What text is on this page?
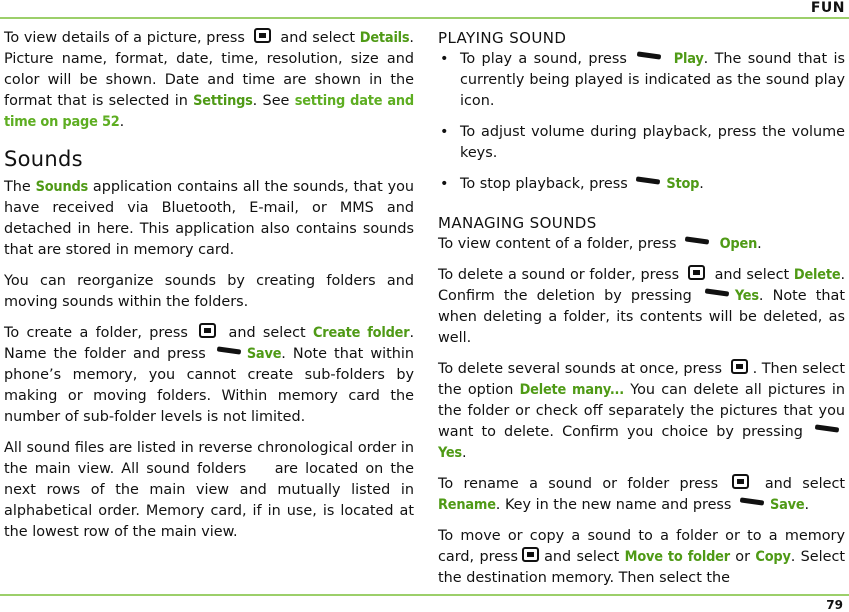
FUN

To view details of a picture, press and select Details. Picture name, format, date, time, resolution, size and color will be shown. Date and time are shown in the format that is selected in Settings. See setting date and time on page 52.

Sounds

The Sounds application contains all the sounds, that you have received via Bluetooth, E-mail, or MMS and detached in here. This application also contains sounds that are stored in memory card.

You can reorganize sounds by creating folders and moving sounds within the folders.

To create a folder, press	and select Create folder. Name the folder and press	Save. Note that within phone’s memory, you cannot create sub-folders by making or moving folders. Within memory card the number of sub-folder levels is not limited.

All sound files are listed in reverse chronological order in the main view. All sound folders    are located on the next rows of the main view and mutually listed in alphabetical order. Memory card, if in use, is located at the lowest row of the main view.

PLAYING SOUND
• To play a sound, press	Play. The sound that is currently being played is indicated as the sound play icon.
• To adjust volume during playback, press the volume keys.
• To stop playback, press	Stop.
MANAGING SOUNDS

To view content of a folder, press	Open.

To delete a sound or folder, press and select Delete. Confirm the deletion by pressing	Yes. Note that when deleting a folder, its contents will be deleted, as well.

To delete several sounds at once, press . Then select the option Delete many... You can delete all pictures in the folder or check off separately the pictures that you want to delete. Confirm you choice by pressing Yes.

To rename a sound or folder press	and select Rename. Key in the new name and press	Save.

To move or copy a sound to a folder or to a memory card, press and select Move to folder or Copy. Select the destination memory. Then select the

79
